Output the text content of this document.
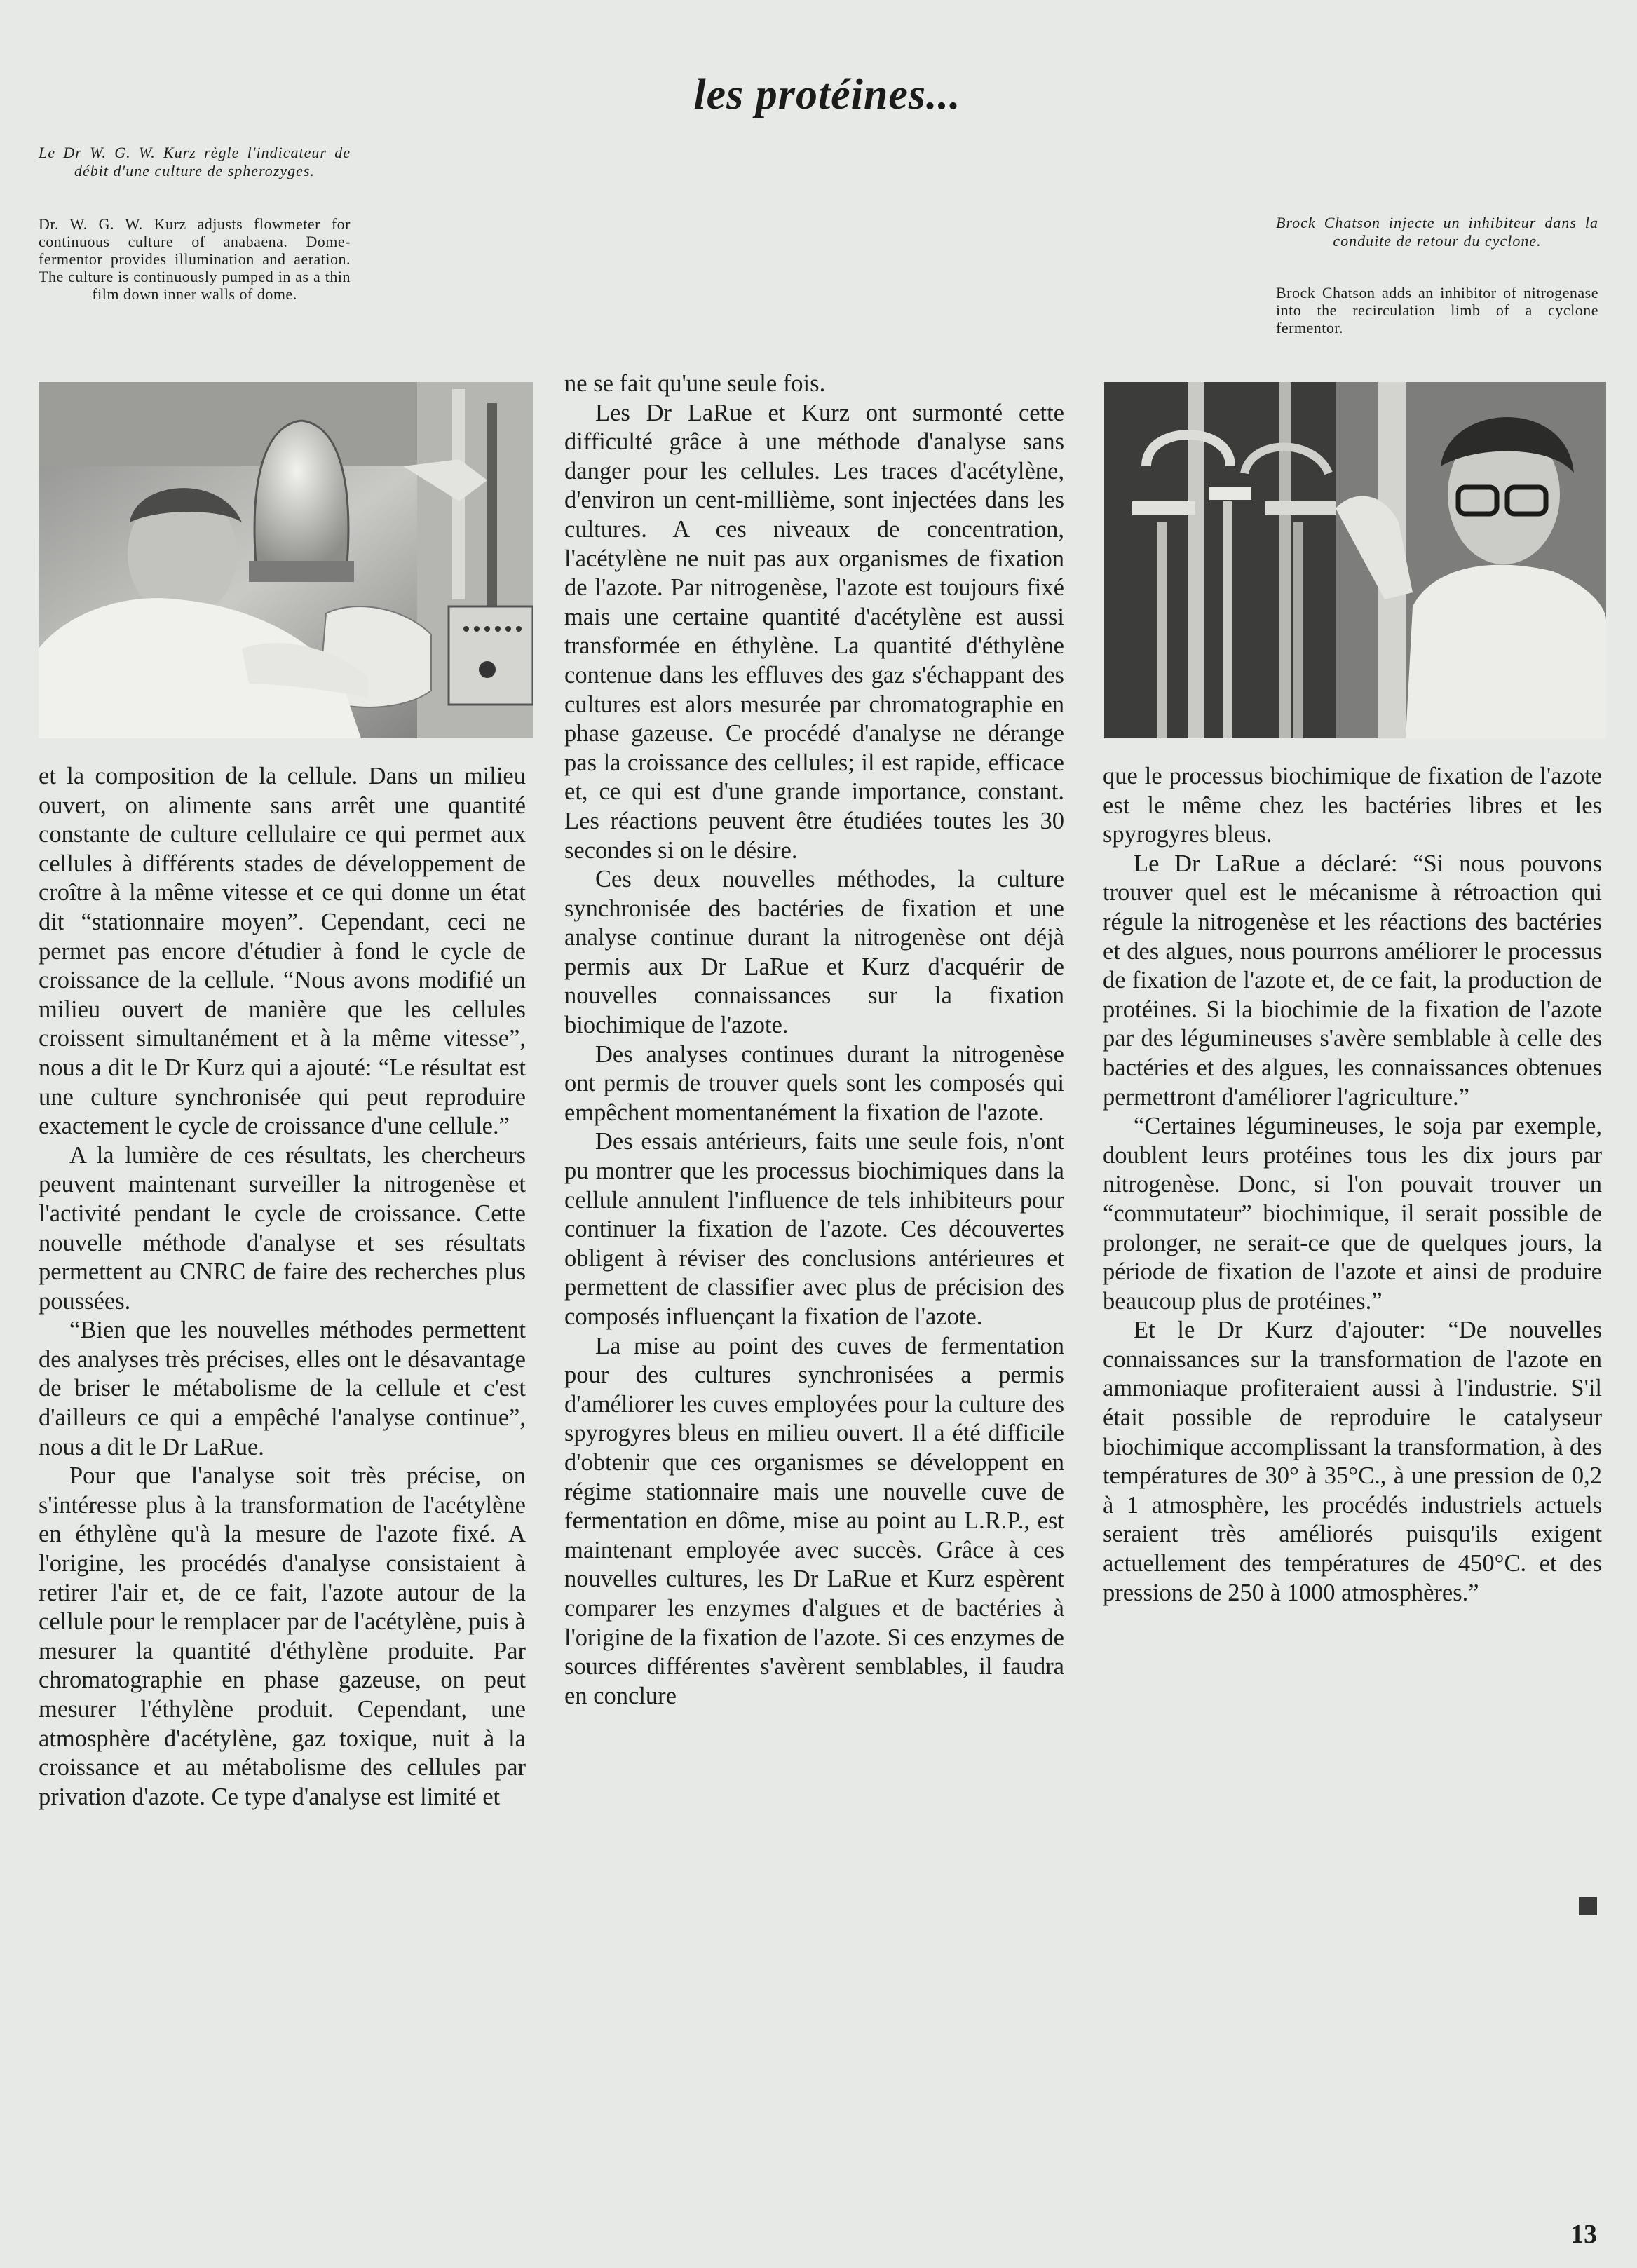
les protéines...
Le Dr W. G. W. Kurz règle l'indicateur de débit d'une culture de spherozyges.
Dr. W. G. W. Kurz adjusts flowmeter for continuous culture of anabaena. Dome-fermentor provides illumination and aeration. The culture is continuously pumped in as a thin film down inner walls of dome.
Brock Chatson injecte un inhibiteur dans la conduite de retour du cyclone.
Brock Chatson adds an inhibitor of nitrogenase into the recirculation limb of a cyclone fermentor.

et la composition de la cellule. Dans un milieu ouvert, on alimente sans arrêt une quantité constante de culture cellulaire ce qui permet aux cellules à différents stades de développement de croître à la même vitesse et ce qui donne un état dit “stationnaire moyen”. Cependant, ceci ne permet pas encore d'étudier à fond le cycle de croissance de la cellule. “Nous avons modifié un milieu ouvert de manière que les cellules croissent simultanément et à la même vitesse”, nous a dit le Dr Kurz qui a ajouté: “Le résultat est une culture synchronisée qui peut reproduire exactement le cycle de croissance d'une cellule.”

A la lumière de ces résultats, les chercheurs peuvent maintenant surveiller la nitrogenèse et l'activité pendant le cycle de croissance. Cette nouvelle méthode d'analyse et ses résultats permettent au CNRC de faire des recherches plus poussées.

“Bien que les nouvelles méthodes permettent des analyses très précises, elles ont le désavantage de briser le métabolisme de la cellule et c'est d'ailleurs ce qui a empêché l'analyse continue”, nous a dit le Dr LaRue.

Pour que l'analyse soit très précise, on s'intéresse plus à la transformation de l'acétylène en éthylène qu'à la mesure de l'azote fixé. A l'origine, les procédés d'analyse consistaient à retirer l'air et, de ce fait, l'azote autour de la cellule pour le remplacer par de l'acétylène, puis à mesurer la quantité d'éthylène produite. Par chromatographie en phase gazeuse, on peut mesurer l'éthylène produit. Cependant, une atmosphère d'acétylène, gaz toxique, nuit à la croissance et au métabolisme des cellules par privation d'azote. Ce type d'analyse est limité et

ne se fait qu'une seule fois.

Les Dr LaRue et Kurz ont surmonté cette difficulté grâce à une méthode d'analyse sans danger pour les cellules. Les traces d'acétylène, d'environ un cent-millième, sont injectées dans les cultures. A ces niveaux de concentration, l'acétylène ne nuit pas aux organismes de fixation de l'azote. Par nitrogenèse, l'azote est toujours fixé mais une certaine quantité d'acétylène est aussi transformée en éthylène. La quantité d'éthylène contenue dans les effluves des gaz s'échappant des cultures est alors mesurée par chromatographie en phase gazeuse. Ce procédé d'analyse ne dérange pas la croissance des cellules; il est rapide, efficace et, ce qui est d'une grande importance, constant. Les réactions peuvent être étudiées toutes les 30 secondes si on le désire.

Ces deux nouvelles méthodes, la culture synchronisée des bactéries de fixation et une analyse continue durant la nitrogenèse ont déjà permis aux Dr LaRue et Kurz d'acquérir de nouvelles connaissances sur la fixation biochimique de l'azote.

Des analyses continues durant la nitrogenèse ont permis de trouver quels sont les composés qui empêchent momentanément la fixation de l'azote.

Des essais antérieurs, faits une seule fois, n'ont pu montrer que les processus biochimiques dans la cellule annulent l'influence de tels inhibiteurs pour continuer la fixation de l'azote. Ces découvertes obligent à réviser des conclusions antérieures et permettent de classifier avec plus de précision des composés influençant la fixation de l'azote.

La mise au point des cuves de fermentation pour des cultures synchronisées a permis d'améliorer les cuves employées pour la culture des spyrogyres bleus en milieu ouvert. Il a été difficile d'obtenir que ces organismes se développent en régime stationnaire mais une nouvelle cuve de fermentation en dôme, mise au point au L.R.P., est maintenant employée avec succès. Grâce à ces nouvelles cultures, les Dr LaRue et Kurz espèrent comparer les enzymes d'algues et de bactéries à l'origine de la fixation de l'azote. Si ces enzymes de sources différentes s'avèrent semblables, il faudra en conclure

que le processus biochimique de fixation de l'azote est le même chez les bactéries libres et les spyrogyres bleus.

Le Dr LaRue a déclaré: “Si nous pouvons trouver quel est le mécanisme à rétroaction qui régule la nitrogenèse et les réactions des bactéries et des algues, nous pourrons améliorer le processus de fixation de l'azote et, de ce fait, la production de protéines. Si la biochimie de la fixation de l'azote par des légumineuses s'avère semblable à celle des bactéries et des algues, les connaissances obtenues permettront d'améliorer l'agriculture.”

“Certaines légumineuses, le soja par exemple, doublent leurs protéines tous les dix jours par nitrogenèse. Donc, si l'on pouvait trouver un “commutateur” biochimique, il serait possible de prolonger, ne serait-ce que de quelques jours, la période de fixation de l'azote et ainsi de produire beaucoup plus de protéines.”

Et le Dr Kurz d'ajouter: “De nouvelles connaissances sur la transformation de l'azote en ammoniaque profiteraient aussi à l'industrie. S'il était possible de reproduire le catalyseur biochimique accomplissant la transformation, à des températures de 30° à 35°C., à une pression de 0,2 à 1 atmosphère, les procédés industriels actuels seraient très améliorés puisqu'ils exigent actuellement des températures de 450°C. et des pressions de 250 à 1000 atmosphères.”

13
